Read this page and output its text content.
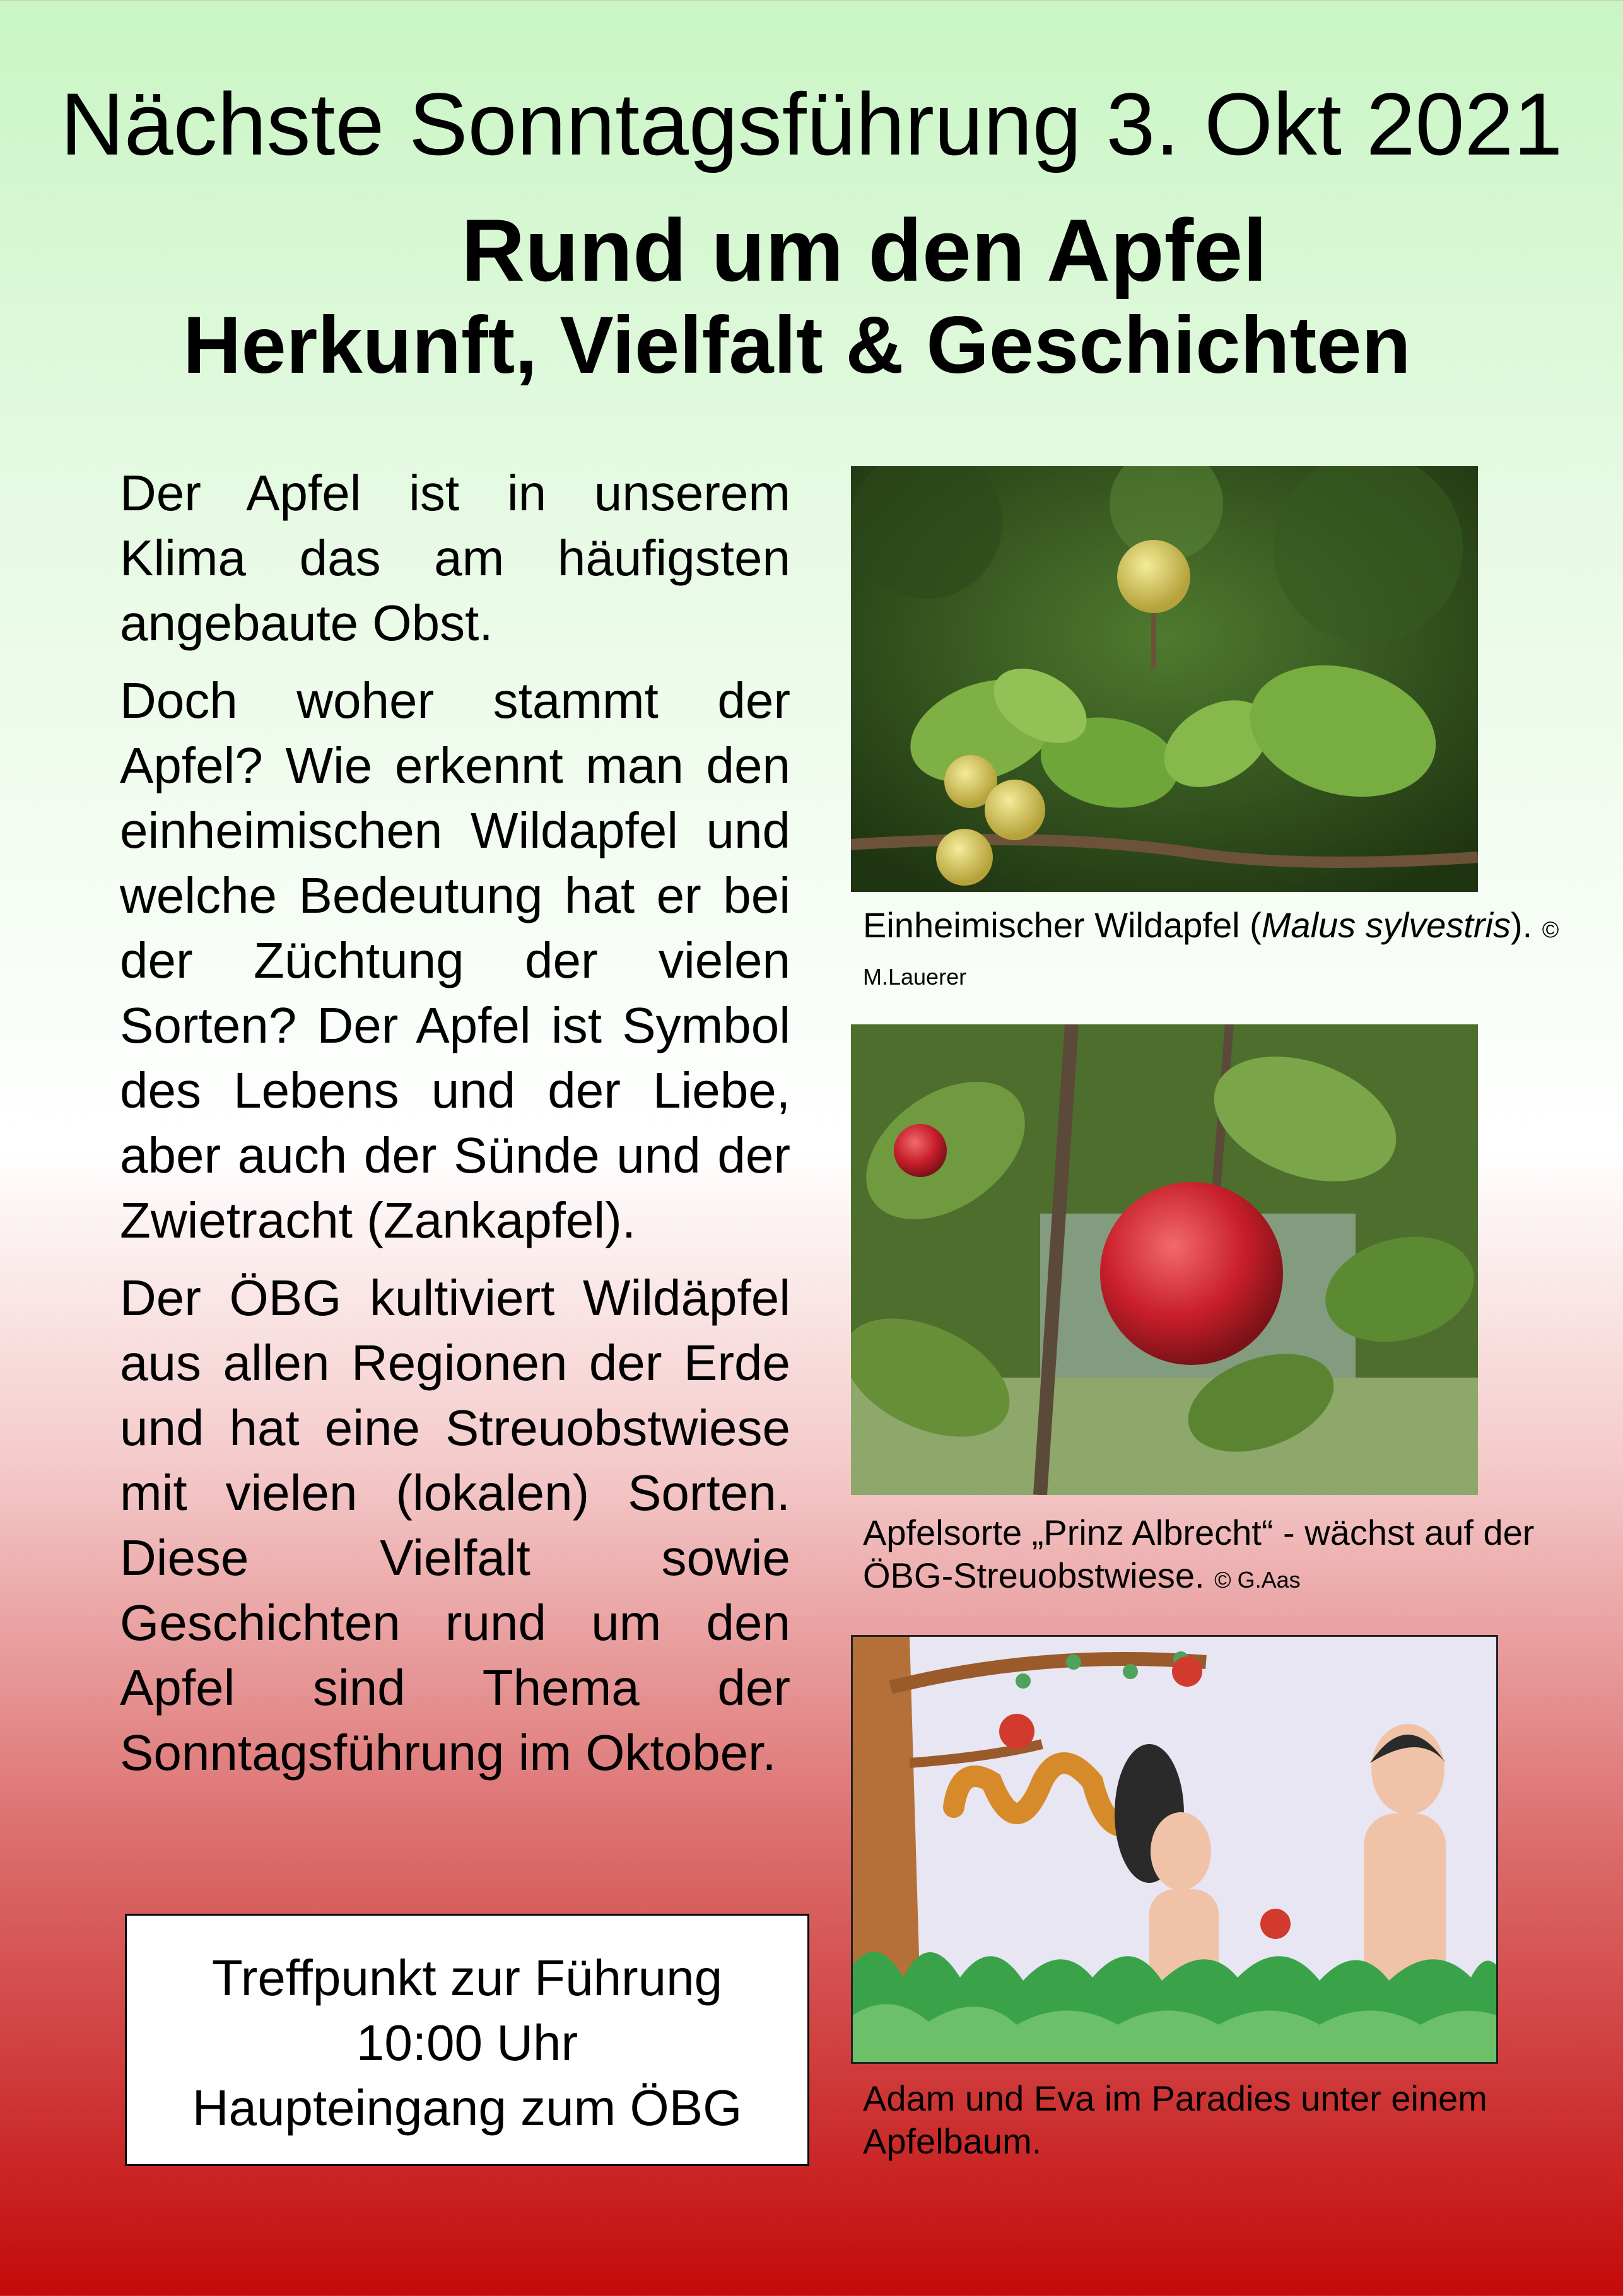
Nächste Sonntagsführung 3. Okt 2021
Rund um den Apfel
Herkunft, Vielfalt & Geschichten

Der Apfel ist in unserem Klima das am häufigsten angebaute Obst.

Doch woher stammt der Apfel? Wie erkennt man den einheimischen Wildapfel und welche Bedeutung hat er bei der Züchtung der vielen Sorten? Der Apfel ist Symbol des Lebens und der Liebe, aber auch der Sünde und der Zwietracht (Zankapfel).

Der ÖBG kultiviert Wildäpfel aus allen Regionen der Erde und hat eine Streuobstwiese mit vielen (lokalen) Sorten. Diese Vielfalt sowie Geschichten rund um den Apfel sind Thema der Sonntagsführung im Oktober.

Treffpunkt zur Führung
10:00 Uhr
Haupteingang zum ÖBG
Einheimischer Wildapfel (Malus sylvestris). © M.Lauerer
Apfelsorte „Prinz Albrecht“ - wächst auf der ÖBG-Streuobstwiese. © G.Aas
Adam und Eva im Paradies unter einem Apfelbaum.
